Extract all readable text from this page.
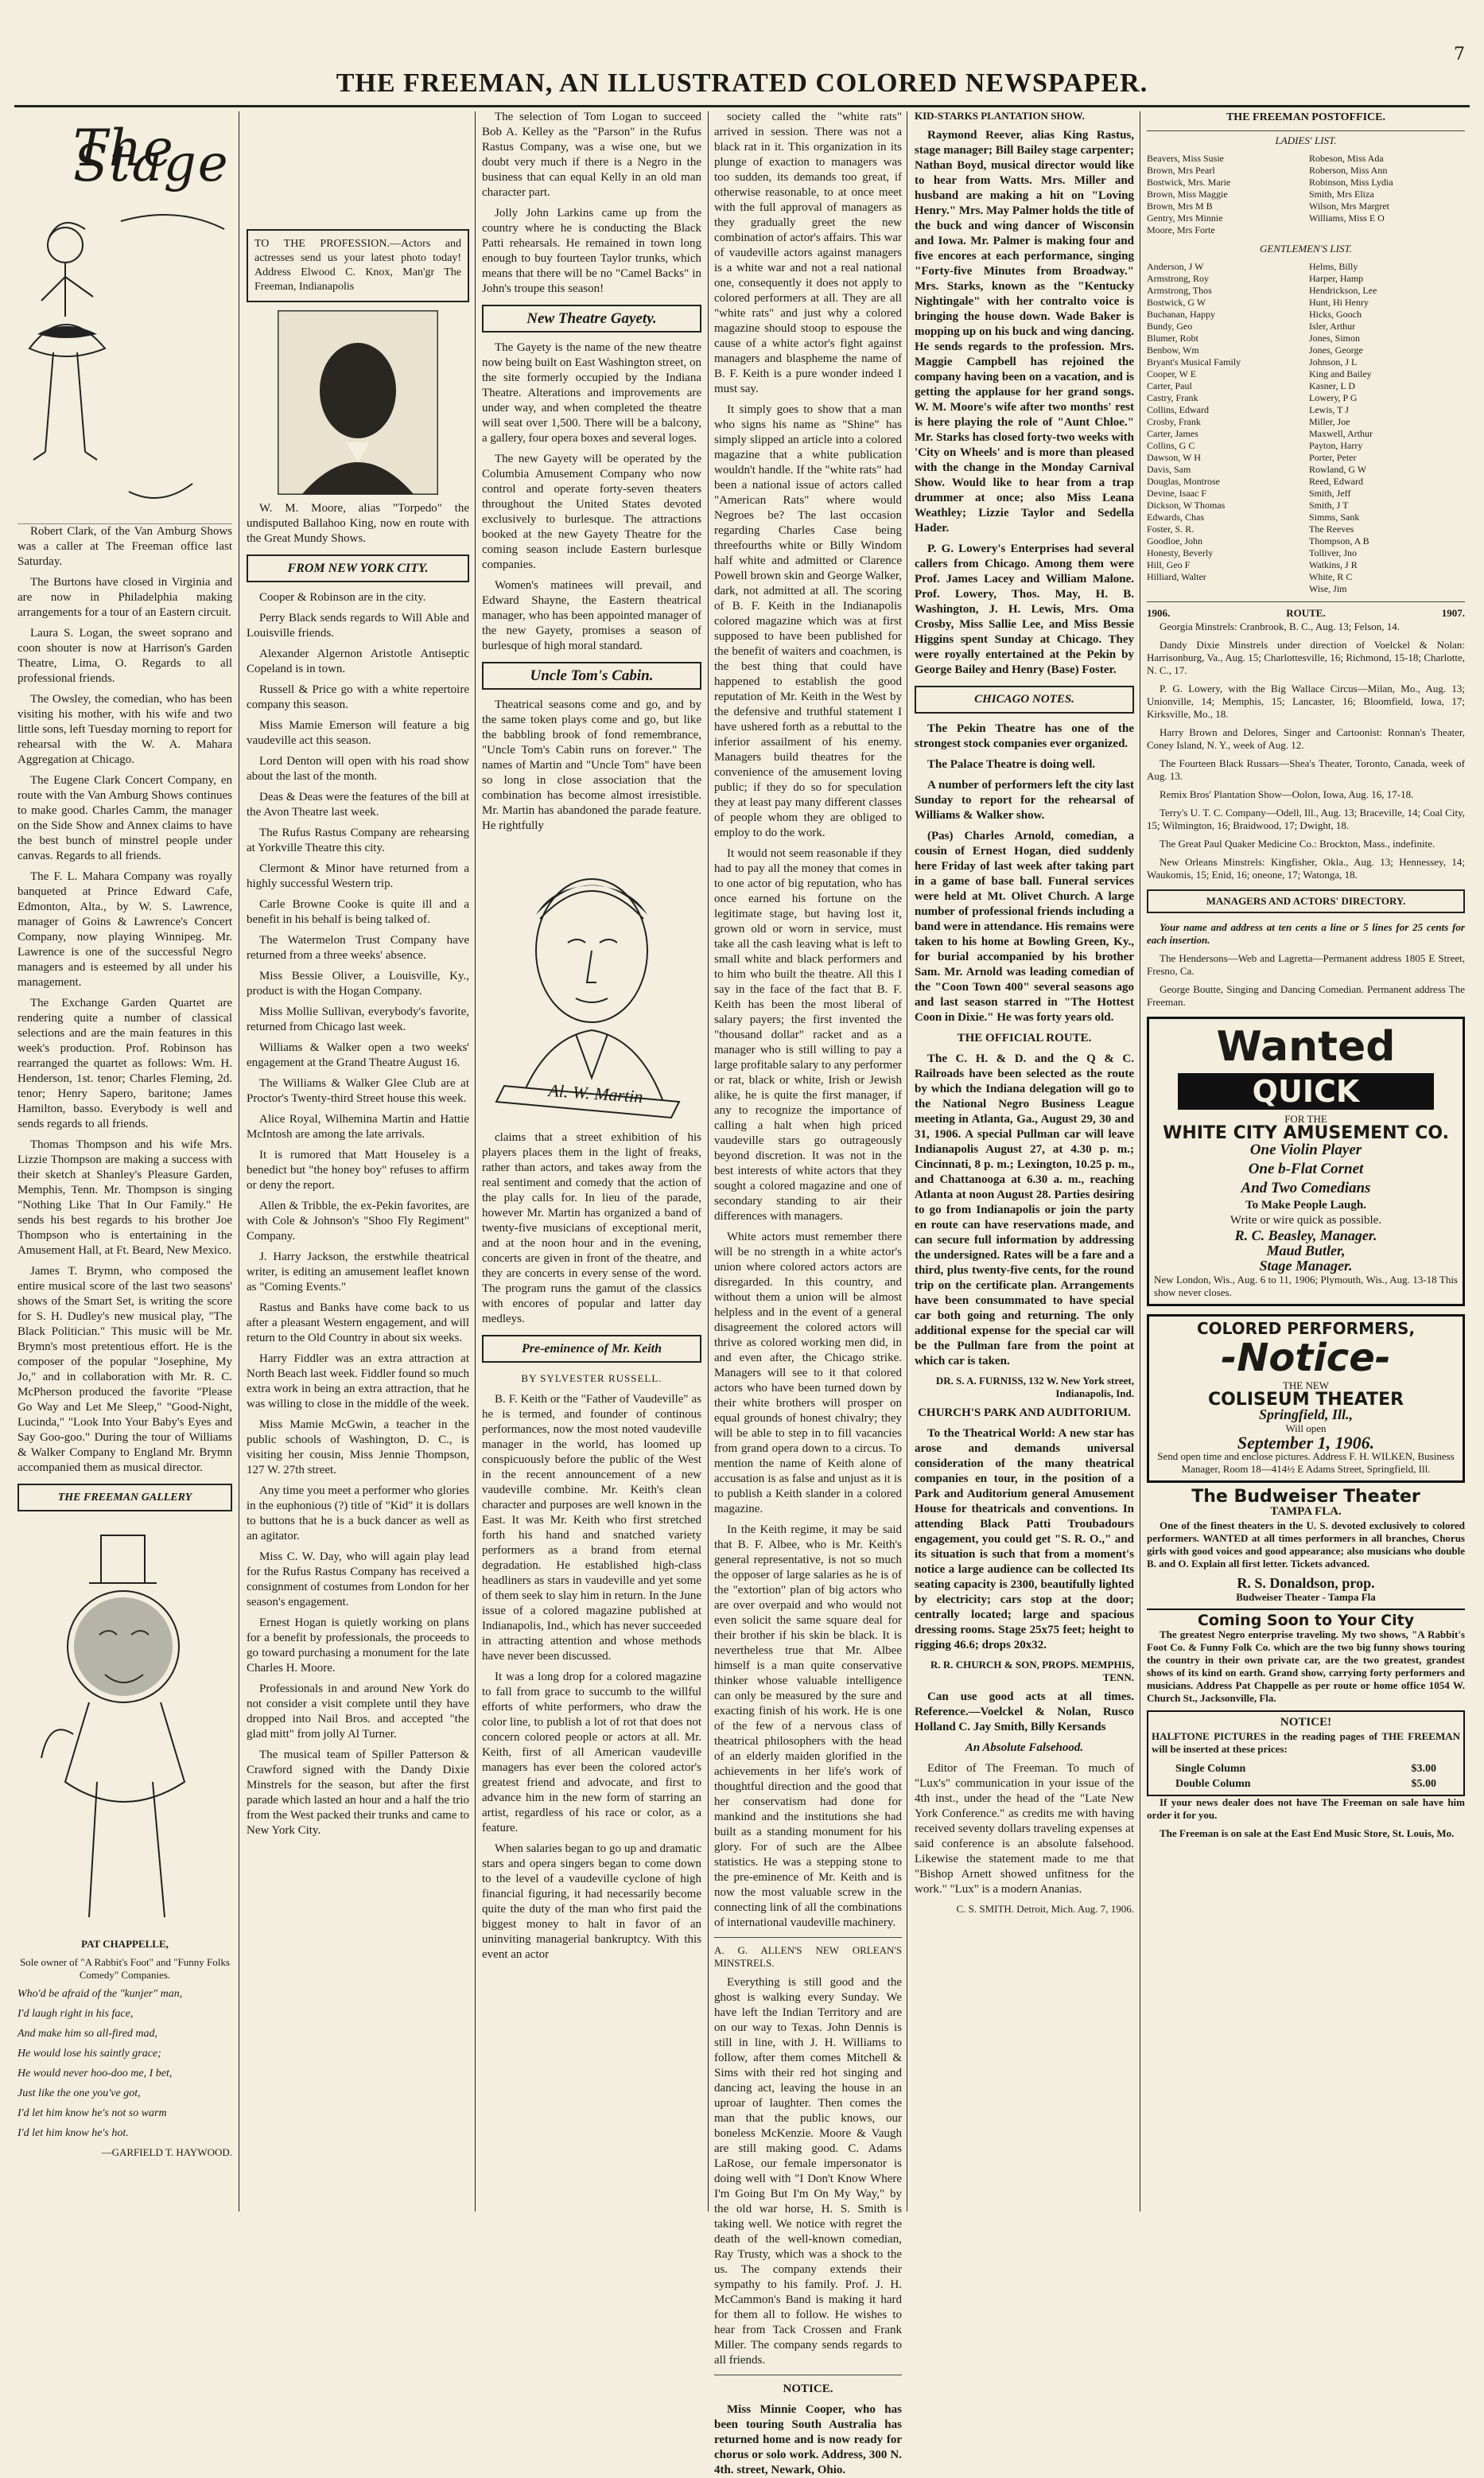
7
THE FREEMAN, AN ILLUSTRATED COLORED NEWSPAPER.
The Stage

Robert Clark, of the Van Amburg Shows was a caller at The Freeman office last Saturday.

The Burtons have closed in Virginia and are now in Philadelphia making arrangements for a tour of an Eastern circuit.

Laura S. Logan, the sweet soprano and coon shouter is now at Harrison's Garden Theatre, Lima, O. Regards to all professional friends.

The Owsley, the comedian, who has been visiting his mother, with his wife and two little sons, left Tuesday morning to report for rehearsal with the W. A. Mahara Aggregation at Chicago.

The Eugene Clark Concert Company, en route with the Van Amburg Shows continues to make good. Charles Camm, the manager on the Side Show and Annex claims to have the best bunch of minstrel people under canvas. Regards to all friends.

The F. L. Mahara Company was royally banqueted at Prince Edward Cafe, Edmonton, Alta., by W. S. Lawrence, manager of Goins & Lawrence's Concert Company, now playing Winnipeg. Mr. Lawrence is one of the successful Negro managers and is esteemed by all under his management.

The Exchange Garden Quartet are rendering quite a number of classical selections and are the main features in this week's production. Prof. Robinson has rearranged the quartet as follows: Wm. H. Henderson, 1st. tenor; Charles Fleming, 2d. tenor; Henry Sapero, baritone; James Hamilton, basso. Everybody is well and sends regards to all friends.

Thomas Thompson and his wife Mrs. Lizzie Thompson are making a success with their sketch at Shanley's Pleasure Garden, Memphis, Tenn. Mr. Thompson is singing "Nothing Like That In Our Family." He sends his best regards to his brother Joe Thompson who is entertaining in the Amusement Hall, at Ft. Beard, New Mexico.

James T. Brymn, who composed the entire musical score of the last two seasons' shows of the Smart Set, is writing the score for S. H. Dudley's new musical play, "The Black Politician." This music will be Mr. Brymn's most pretentious effort. He is the composer of the popular "Josephine, My Jo," and in collaboration with Mr. R. C. McPherson produced the favorite "Please Go Way and Let Me Sleep," "Good-Night, Lucinda," "Look Into Your Baby's Eyes and Say Goo-goo." During the tour of Williams & Walker Company to England Mr. Brymn accompanied them as musical director.

THE FREEMAN GALLERY

PAT CHAPPELLE,

Sole owner of "A Rabbit's Foot" and "Funny Folks Comedy" Companies.

Who'd be afraid of the "kunjer" man,

I'd laugh right in his face,

And make him so all-fired mad,

He would lose his saintly grace;

He would never hoo-doo me, I bet,

Just like the one you've got,

I'd let him know he's not so warm

I'd let him know he's hot.

—GARFIELD T. HAYWOOD.

TO THE PROFESSION.—Actors and actresses send us your latest photo today! Address Elwood C. Knox, Man'gr The Freeman, Indianapolis

W. M. Moore, alias "Torpedo" the undisputed Ballahoo King, now en route with the Great Mundy Shows.

FROM NEW YORK CITY.

Cooper & Robinson are in the city.

Perry Black sends regards to Will Able and Louisville friends.

Alexander Algernon Aristotle Antiseptic Copeland is in town.

Russell & Price go with a white repertoire company this season.

Miss Mamie Emerson will feature a big vaudeville act this season.

Lord Denton will open with his road show about the last of the month.

Deas & Deas were the features of the bill at the Avon Theatre last week.

The Rufus Rastus Company are rehearsing at Yorkville Theatre this city.

Clermont & Minor have returned from a highly successful Western trip.

Carle Browne Cooke is quite ill and a benefit in his behalf is being talked of.

The Watermelon Trust Company have returned from a three weeks' absence.

Miss Bessie Oliver, a Louisville, Ky., product is with the Hogan Company.

Miss Mollie Sullivan, everybody's favorite, returned from Chicago last week.

Williams & Walker open a two weeks' engagement at the Grand Theatre August 16.

The Williams & Walker Glee Club are at Proctor's Twenty-third Street house this week.

Alice Royal, Wilhemina Martin and Hattie McIntosh are among the late arrivals.

It is rumored that Matt Houseley is a benedict but "the honey boy" refuses to affirm or deny the report.

Allen & Tribble, the ex-Pekin favorites, are with Cole & Johnson's "Shoo Fly Regiment" Company.

J. Harry Jackson, the erstwhile theatrical writer, is editing an amusement leaflet known as "Coming Events."

Rastus and Banks have come back to us after a pleasant Western engagement, and will return to the Old Country in about six weeks.

Harry Fiddler was an extra attraction at North Beach last week. Fiddler found so much extra work in being an extra attraction, that he was willing to close in the middle of the week.

Miss Mamie McGwin, a teacher in the public schools of Washington, D. C., is visiting her cousin, Miss Jennie Thompson, 127 W. 27th street.

Any time you meet a performer who glories in the euphonious (?) title of "Kid" it is dollars to buttons that he is a buck dancer as well as an agitator.

Miss C. W. Day, who will again play lead for the Rufus Rastus Company has received a consignment of costumes from London for her season's engagement.

Ernest Hogan is quietly working on plans for a benefit by professionals, the proceeds to go toward purchasing a monument for the late Charles H. Moore.

Professionals in and around New York do not consider a visit complete until they have dropped into Nail Bros. and accepted "the glad mitt" from jolly Al Turner.

The musical team of Spiller Patterson & Crawford signed with the Dandy Dixie Minstrels for the season, but after the first parade which lasted an hour and a half the trio from the West packed their trunks and came to New York City.

The selection of Tom Logan to succeed Bob A. Kelley as the "Parson" in the Rufus Rastus Company, was a wise one, but we doubt very much if there is a Negro in the business that can equal Kelly in an old man character part.

Jolly John Larkins came up from the country where he is conducting the Black Patti rehearsals. He remained in town long enough to buy fourteen Taylor trunks, which means that there will be no "Camel Backs" in John's troupe this season!

New Theatre Gayety.

The Gayety is the name of the new theatre now being built on East Washington street, on the site formerly occupied by the Indiana Theatre. Alterations and improvements are under way, and when completed the theatre will seat over 1,500. There will be a balcony, a gallery, four opera boxes and several loges.

The new Gayety will be operated by the Columbia Amusement Company who now control and operate forty-seven theaters throughout the United States devoted exclusively to burlesque. The attractions booked at the new Gayety Theatre for the coming season include Eastern burlesque companies.

Women's matinees will prevail, and Edward Shayne, the Eastern theatrical manager, who has been appointed manager of the new Gayety, promises a season of burlesque of high moral standard.

Uncle Tom's Cabin.

Theatrical seasons come and go, and by the same token plays come and go, but like the babbling brook of fond remembrance, "Uncle Tom's Cabin runs on forever." The names of Martin and "Uncle Tom" have been so long in close association that the combination has become almost irresistible. Mr. Martin has abandoned the parade feature. He rightfully

Al. W. Martin

claims that a street exhibition of his players places them in the light of freaks, rather than actors, and takes away from the real sentiment and comedy that the action of the play calls for. In lieu of the parade, however Mr. Martin has organized a band of twenty-five musicians of exceptional merit, and at the noon hour and in the evening, concerts are given in front of the theatre, and they are concerts in every sense of the word. The program runs the gamut of the classics with encores of popular and latter day medleys.

Pre-eminence of Mr. Keith
BY SYLVESTER RUSSELL.

B. F. Keith or the "Father of Vaudeville" as he is termed, and founder of continous performances, now the most noted vaudeville manager in the world, has loomed up conspicuously before the public of the West in the recent announcement of a new vaudeville combine. Mr. Keith's clean character and purposes are well known in the East. It was Mr. Keith who first stretched forth his hand and snatched variety performers as a brand from eternal degradation. He established high-class headliners as stars in vaudeville and yet some of them seek to slay him in return. In the June issue of a colored magazine published at Indianapolis, Ind., which has never succeeded in attracting attention and whose methods have never been discussed.

It was a long drop for a colored magazine to fall from grace to succumb to the willful efforts of white performers, who draw the color line, to publish a lot of rot that does not concern colored people or actors at all. Mr. Keith, first of all American vaudeville managers has ever been the colored actor's greatest friend and advocate, and first to advance him in the new form of starring an artist, regardless of his race or color, as a feature.

When salaries began to go up and dramatic stars and opera singers began to come down to the level of a vaudeville cyclone of high financial figuring, it had necessarily become quite the duty of the man who first paid the biggest money to halt in favor of an uninviting managerial bankruptcy. With this event an actor

society called the "white rats" arrived in session. There was not a black rat in it. This organization in its plunge of exaction to managers was too sudden, its demands too great, if otherwise reasonable, to at once meet with the full approval of managers as they gradually greet the new combination of actor's affairs. This war of vaudeville actors against managers is a white war and not a real national one, consequently it does not apply to colored performers at all. They are all "white rats" and just why a colored magazine should stoop to espouse the cause of a white actor's fight against managers and blaspheme the name of B. F. Keith is a pure wonder indeed I must say.

It simply goes to show that a man who signs his name as "Shine" has simply slipped an article into a colored magazine that a white publication wouldn't handle. If the "white rats" had been a national issue of actors called "American Rats" where would Negroes be? The last occasion regarding Charles Case being threefourths white or Billy Windom half white and admitted or Clarence Powell brown skin and George Walker, dark, not admitted at all. The scoring of B. F. Keith in the Indianapolis colored magazine which was at first supposed to have been published for the benefit of waiters and coachmen, is the best thing that could have happened to establish the good reputation of Mr. Keith in the West by the defensive and truthful statement I have ushered forth as a rebuttal to the inferior assailment of his enemy. Managers build theatres for the convenience of the amusement loving public; if they do so for speculation they at least pay many different classes of people whom they are obliged to employ to do the work.

It would not seem reasonable if they had to pay all the money that comes in to one actor of big reputation, who has once earned his fortune on the legitimate stage, but having lost it, grown old or worn in service, must take all the cash leaving what is left to small white and black performers and to him who built the theatre. All this I say in the face of the fact that B. F. Keith has been the most liberal of salary payers; the first invented the "thousand dollar" racket and as a manager who is still willing to pay a large profitable salary to any performer or rat, black or white, Irish or Jewish alike, he is quite the first manager, if any to recognize the importance of calling a halt when high priced vaudeville stars go outrageously beyond discretion. It was not in the best interests of white actors that they sought a colored magazine and one of secondary standing to air their differences with managers.

White actors must remember there will be no strength in a white actor's union where colored actors actors are disregarded. In this country, and without them a union will be almost helpless and in the event of a general disagreement the colored actors will thrive as colored working men did, in and even after, the Chicago strike. Managers will see to it that colored actors who have been turned down by their white brothers will prosper on equal grounds of honest chivalry; they will be able to step in to fill vacancies from grand opera down to a circus. To mention the name of Keith alone of accusation is as false and unjust as it is to publish a Keith slander in a colored magazine.

In the Keith regime, it may be said that B. F. Albee, who is Mr. Keith's general representative, is not so much the opposer of large salaries as he is of the "extortion" plan of big actors who are over overpaid and who would not even solicit the same square deal for their brother if his skin be black. It is nevertheless true that Mr. Albee himself is a man quite conservative thinker whose valuable intelligence can only be measured by the sure and exacting finish of his work. He is one of the few of a nervous class of theatrical philosophers with the head of an elderly maiden glorified in the achievements in her life's work of thoughtful direction and the good that her conservatism had done for mankind and the institutions she had built as a standing monument for his glory. For of such are the Albee statistics. He was a stepping stone to the pre-eminence of Mr. Keith and is now the most valuable screw in the connecting link of all the combinations of international vaudeville machinery.

A. G. ALLEN'S NEW ORLEAN'S MINSTRELS.

Everything is still good and the ghost is walking every Sunday. We have left the Indian Territory and are on our way to Texas. John Dennis is still in line, with J. H. Williams to follow, after them comes Mitchell & Sims with their red hot singing and dancing act, leaving the house in an uproar of laughter. Then comes the man that the public knows, our boneless McKenzie. Moore & Vaugh are still making good. C. Adams LaRose, our female impersonator is doing well with "I Don't Know Where I'm Going But I'm On My Way," by the old war horse, H. S. Smith is taking well. We notice with regret the death of the well-known comedian, Ray Trusty, which was a shock to the us. The company extends their sympathy to his family. Prof. J. H. McCammon's Band is making it hard for them all to follow. He wishes to hear from Tack Crossen and Frank Miller. The company sends regards to all friends.

NOTICE.

Miss Minnie Cooper, who has been touring South Australia has returned home and is now ready for chorus or solo work. Address, 300 N. 4th. street, Newark, Ohio.

KID-STARKS PLANTATION SHOW.

Raymond Reever, alias King Rastus, stage manager; Bill Bailey stage carpenter; Nathan Boyd, musical director would like to hear from Watts. Mrs. Miller and husband are making a hit on "Loving Henry." Mrs. May Palmer holds the title of the buck and wing dancer of Wisconsin and Iowa. Mr. Palmer is making four and five encores at each performance, singing "Forty-five Minutes from Broadway." Mrs. Starks, known as the "Kentucky Nightingale" with her contralto voice is bringing the house down. Wade Baker is mopping up on his buck and wing dancing. He sends regards to the profession. Mrs. Maggie Campbell has rejoined the company having been on a vacation, and is getting the applause for her grand songs. W. M. Moore's wife after two months' rest is here playing the role of "Aunt Chloe." Mr. Starks has closed forty-two weeks with 'City on Wheels' and is more than pleased with the change in the Monday Carnival Show. Would like to hear from a trap drummer at once; also Miss Leana Weathley; Lizzie Taylor and Sedella Hader.

P. G. Lowery's Enterprises had several callers from Chicago. Among them were Prof. James Lacey and William Malone. Prof. Lowery, Thos. May, H. B. Washington, J. H. Lewis, Mrs. Oma Crosby, Miss Sallie Lee, and Miss Bessie Higgins spent Sunday at Chicago. They were royally entertained at the Pekin by George Bailey and Henry (Base) Foster.

CHICAGO NOTES.

The Pekin Theatre has one of the strongest stock companies ever organized.

The Palace Theatre is doing well.

A number of performers left the city last Sunday to report for the rehearsal of Williams & Walker show.

(Pas) Charles Arnold, comedian, a cousin of Ernest Hogan, died suddenly here Friday of last week after taking part in a game of base ball. Funeral services were held at Mt. Olivet Church. A large number of professional friends including a band were in attendance. His remains were taken to his home at Bowling Green, Ky., for burial accompanied by his brother Sam. Mr. Arnold was leading comedian of the "Coon Town 400" several seasons ago and last season starred in "The Hottest Coon in Dixie." He was forty years old.

THE OFFICIAL ROUTE.

The C. H. & D. and the Q & C. Railroads have been selected as the route by which the Indiana delegation will go to the National Negro Business League meeting in Atlanta, Ga., August 29, 30 and 31, 1906. A special Pullman car will leave Indianapolis August 27, at 4.30 p. m.; Cincinnati, 8 p. m.; Lexington, 10.25 p. m., and Chattanooga at 6.30 a. m., reaching Atlanta at noon August 28. Parties desiring to go from Indianapolis or join the party en route can have reservations made, and can secure full information by addressing the undersigned. Rates will be a fare and a third, plus twenty-five cents, for the round trip on the certificate plan. Arrangements have been consummated to have special car both going and returning. The only additional expense for the special car will be the Pullman fare from the point at which car is taken.

DR. S. A. FURNISS, 132 W. New York street, Indianapolis, Ind.

CHURCH'S PARK AND AUDITORIUM.

To the Theatrical World: A new star has arose and demands universal consideration of the many theatrical companies en tour, in the position of a Park and Auditorium general Amusement House for theatricals and conventions. In attending Black Patti Troubadours engagement, you could get "S. R. O.," and its situation is such that from a moment's notice a large audience can be collected Its seating capacity is 2300, beautifully lighted by electricity; cars stop at the door; centrally located; large and spacious dressing rooms. Stage 25x75 feet; height to rigging 46.6; drops 20x32.

R. R. CHURCH & SON, PROPS. MEMPHIS, TENN.

Can use good acts at all times. Reference.—Voelckel & Nolan, Rusco Holland C. Jay Smith, Billy Kersands

An Absolute Falsehood.

Editor of The Freeman. To much of "Lux's" communication in your issue of the 4th inst., under the head of the "Late New York Conference." as credits me with having received seventy dollars traveling expenses at said conference is an absolute falsehood. Likewise the statement made to me that "Bishop Arnett showed unfitness for the work." "Lux" is a modern Ananias.

C. S. SMITH. Detroit, Mich. Aug. 7, 1906.

THE FREEMAN POSTOFFICE.

LADIES' LIST.

Beavers, Miss Susie	Robeson, Miss Ada
Brown, Mrs Pearl	Roberson, Miss Ann
Bostwick, Mrs. Marie	Robinson, Miss Lydia
Brown, Miss Maggie	Smith, Mrs Eliza
Brown, Mrs M B	Wilson, Mrs Margret
Gentry, Mrs Minnie	Williams, Miss E O
Moore, Mrs Forte

GENTLEMEN'S LIST.

Anderson, J W	Helms, Billy
Armstrong, Roy	Harper, Hamp
Armstrong, Thos	Hendrickson, Lee
Bostwick, G W	Hunt, Hi Henry
Buchanan, Happy	Hicks, Gooch
Bundy, Geo	Isler, Arthur
Blumer, Robt	Jones, Simon
Benbow, Wm	Jones, George
Bryant's Musical Family	Johnson, J L
Cooper, W E	King and Bailey
Carter, Paul	Kasner, L D
Castry, Frank	Lowery, P G
Collins, Edward	Lewis, T J
Crosby, Frank	Miller, Joe
Carter, James	Maxwell, Arthur
Collins, G C	Payton, Harry
Dawson, W H	Porter, Peter
Davis, Sam	Rowland, G W
Douglas, Montrose	Reed, Edward
Devine, Isaac F	Smith, Jeff
Dickson, W Thomas	Smith, J T
Edwards, Chas	Simms, Sank
Foster, S. R.	The Reeves
Goodloe, John	Thompson, A B
Honesty, Beverly	Tolliver, Jno
Hill, Geo F	Watkins, J R
Hilliard, Walter	White, R C
Wise, Jim
1906.	ROUTE.	1907.

Georgia Minstrels: Cranbrook, B. C., Aug. 13; Felson, 14.

Dandy Dixie Minstrels under direction of Voelckel & Nolan: Harrisonburg, Va., Aug. 15; Charlottesville, 16; Richmond, 15-18; Charlotte, N. C., 17.

P. G. Lowery, with the Big Wallace Circus—Milan, Mo., Aug. 13; Unionville, 14; Memphis, 15; Lancaster, 16; Bloomfield, Iowa, 17; Kirksville, Mo., 18.

Harry Brown and Delores, Singer and Cartoonist: Ronnan's Theater, Coney Island, N. Y., week of Aug. 12.

The Fourteen Black Russars—Shea's Theater, Toronto, Canada, week of Aug. 13.

Remix Bros' Plantation Show—Oolon, Iowa, Aug. 16, 17-18.

Terry's U. T. C. Company—Odell, Ill., Aug. 13; Braceville, 14; Coal City, 15; Wilmington, 16; Braidwood, 17; Dwight, 18.

The Great Paul Quaker Medicine Co.: Brockton, Mass., indefinite.

New Orleans Minstrels: Kingfisher, Okla., Aug. 13; Hennessey, 14; Waukomis, 15; Enid, 16; oneone, 17; Watonga, 18.

MANAGERS AND ACTORS' DIRECTORY.

Your name and address at ten cents a line or 5 lines for 25 cents for each insertion.

The Hendersons—Web and Lagretta—Permanent address 1805 E Street, Fresno, Ca.

George Boutte, Singing and Dancing Comedian. Permanent address The Freeman.

Wanted
QUICK
FOR THE
WHITE CITY AMUSEMENT CO.
One Violin Player
One b-Flat Cornet
And Two Comedians
To Make People Laugh.
Write or wire quick as possible.
R. C. Beasley, Manager.
Maud Butler,
Stage Manager.
New London, Wis., Aug. 6 to 11, 1906; Plymouth, Wis., Aug. 13-18 This show never closes.
COLORED PERFORMERS,
-Notice-
THE NEW
COLISEUM THEATER
Springfield, Ill.,
Will open
September 1, 1906.
Send open time and enclose pictures. Address F. H. WILKEN, Business Manager, Room 18—414½ E Adams Street, Springfield, Ill.
The Budweiser Theater
TAMPA FLA.

One of the finest theaters in the U. S. devoted exclusively to colored performers. WANTED at all times performers in all branches, Chorus girls with good voices and good appearance; also musicians who double B. and O. Explain all first letter. Tickets advanced.

R. S. Donaldson, prop.
Budweiser Theater - Tampa Fla
Coming Soon to Your City

The greatest Negro enterprise traveling. My two shows, "A Rabbit's Foot Co. & Funny Folk Co. which are the two big funny shows touring the country in their own private car, are the two greatest, grandest shows of its kind on earth. Grand show, carrying forty performers and musicians. Address Pat Chappelle as per route or home office 1054 W. Church St., Jacksonville, Fla.

NOTICE!

HALFTONE PICTURES in the reading pages of THE FREEMAN will be inserted at these prices:

Single Column	$3.00
Double Column	$5.00

If your news dealer does not have The Freeman on sale have him order it for you.

The Freeman is on sale at the East End Music Store, St. Louis, Mo.
